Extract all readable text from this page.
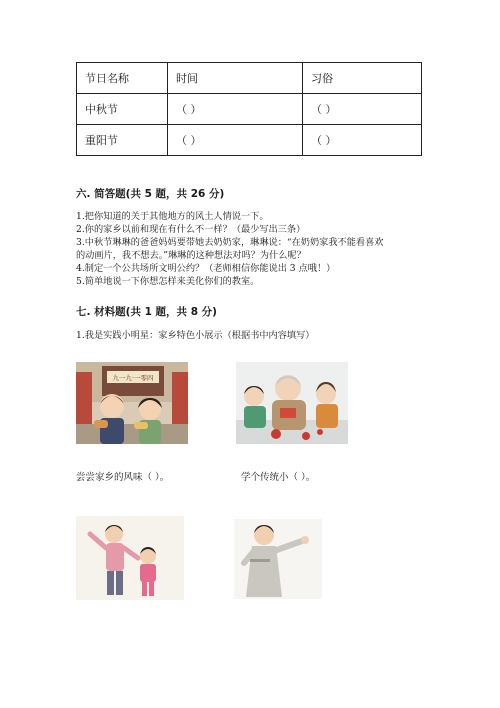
节日名称	时间	习俗
中秋节	（ ）	（ ）
重阳节	（ ）	（ ）
六. 简答题(共 5 题，共 26 分)
1.把你知道的关于其他地方的风土人情说一下。
2.你的家乡以前和现在有什么不一样？（最少写出三条）
3.中秋节琳琳的爸爸妈妈要带她去奶奶家，琳琳说：“在奶奶家我不能看喜欢
的动画片，我不想去。”琳琳的这种想法对吗？为什么呢？
4.制定一个公共场所文明公约？（老师相信你能说出 3 点哦！）
5.简单地说一下你想怎样来美化你们的教室。
七. 材料题(共 1 题，共 8 分)
1.我是实践小明星：家乡特色小展示（根据书中内容填写）
九一九·一零四
尝尝家乡的风味（ ）。	学个传统小（ ）。
